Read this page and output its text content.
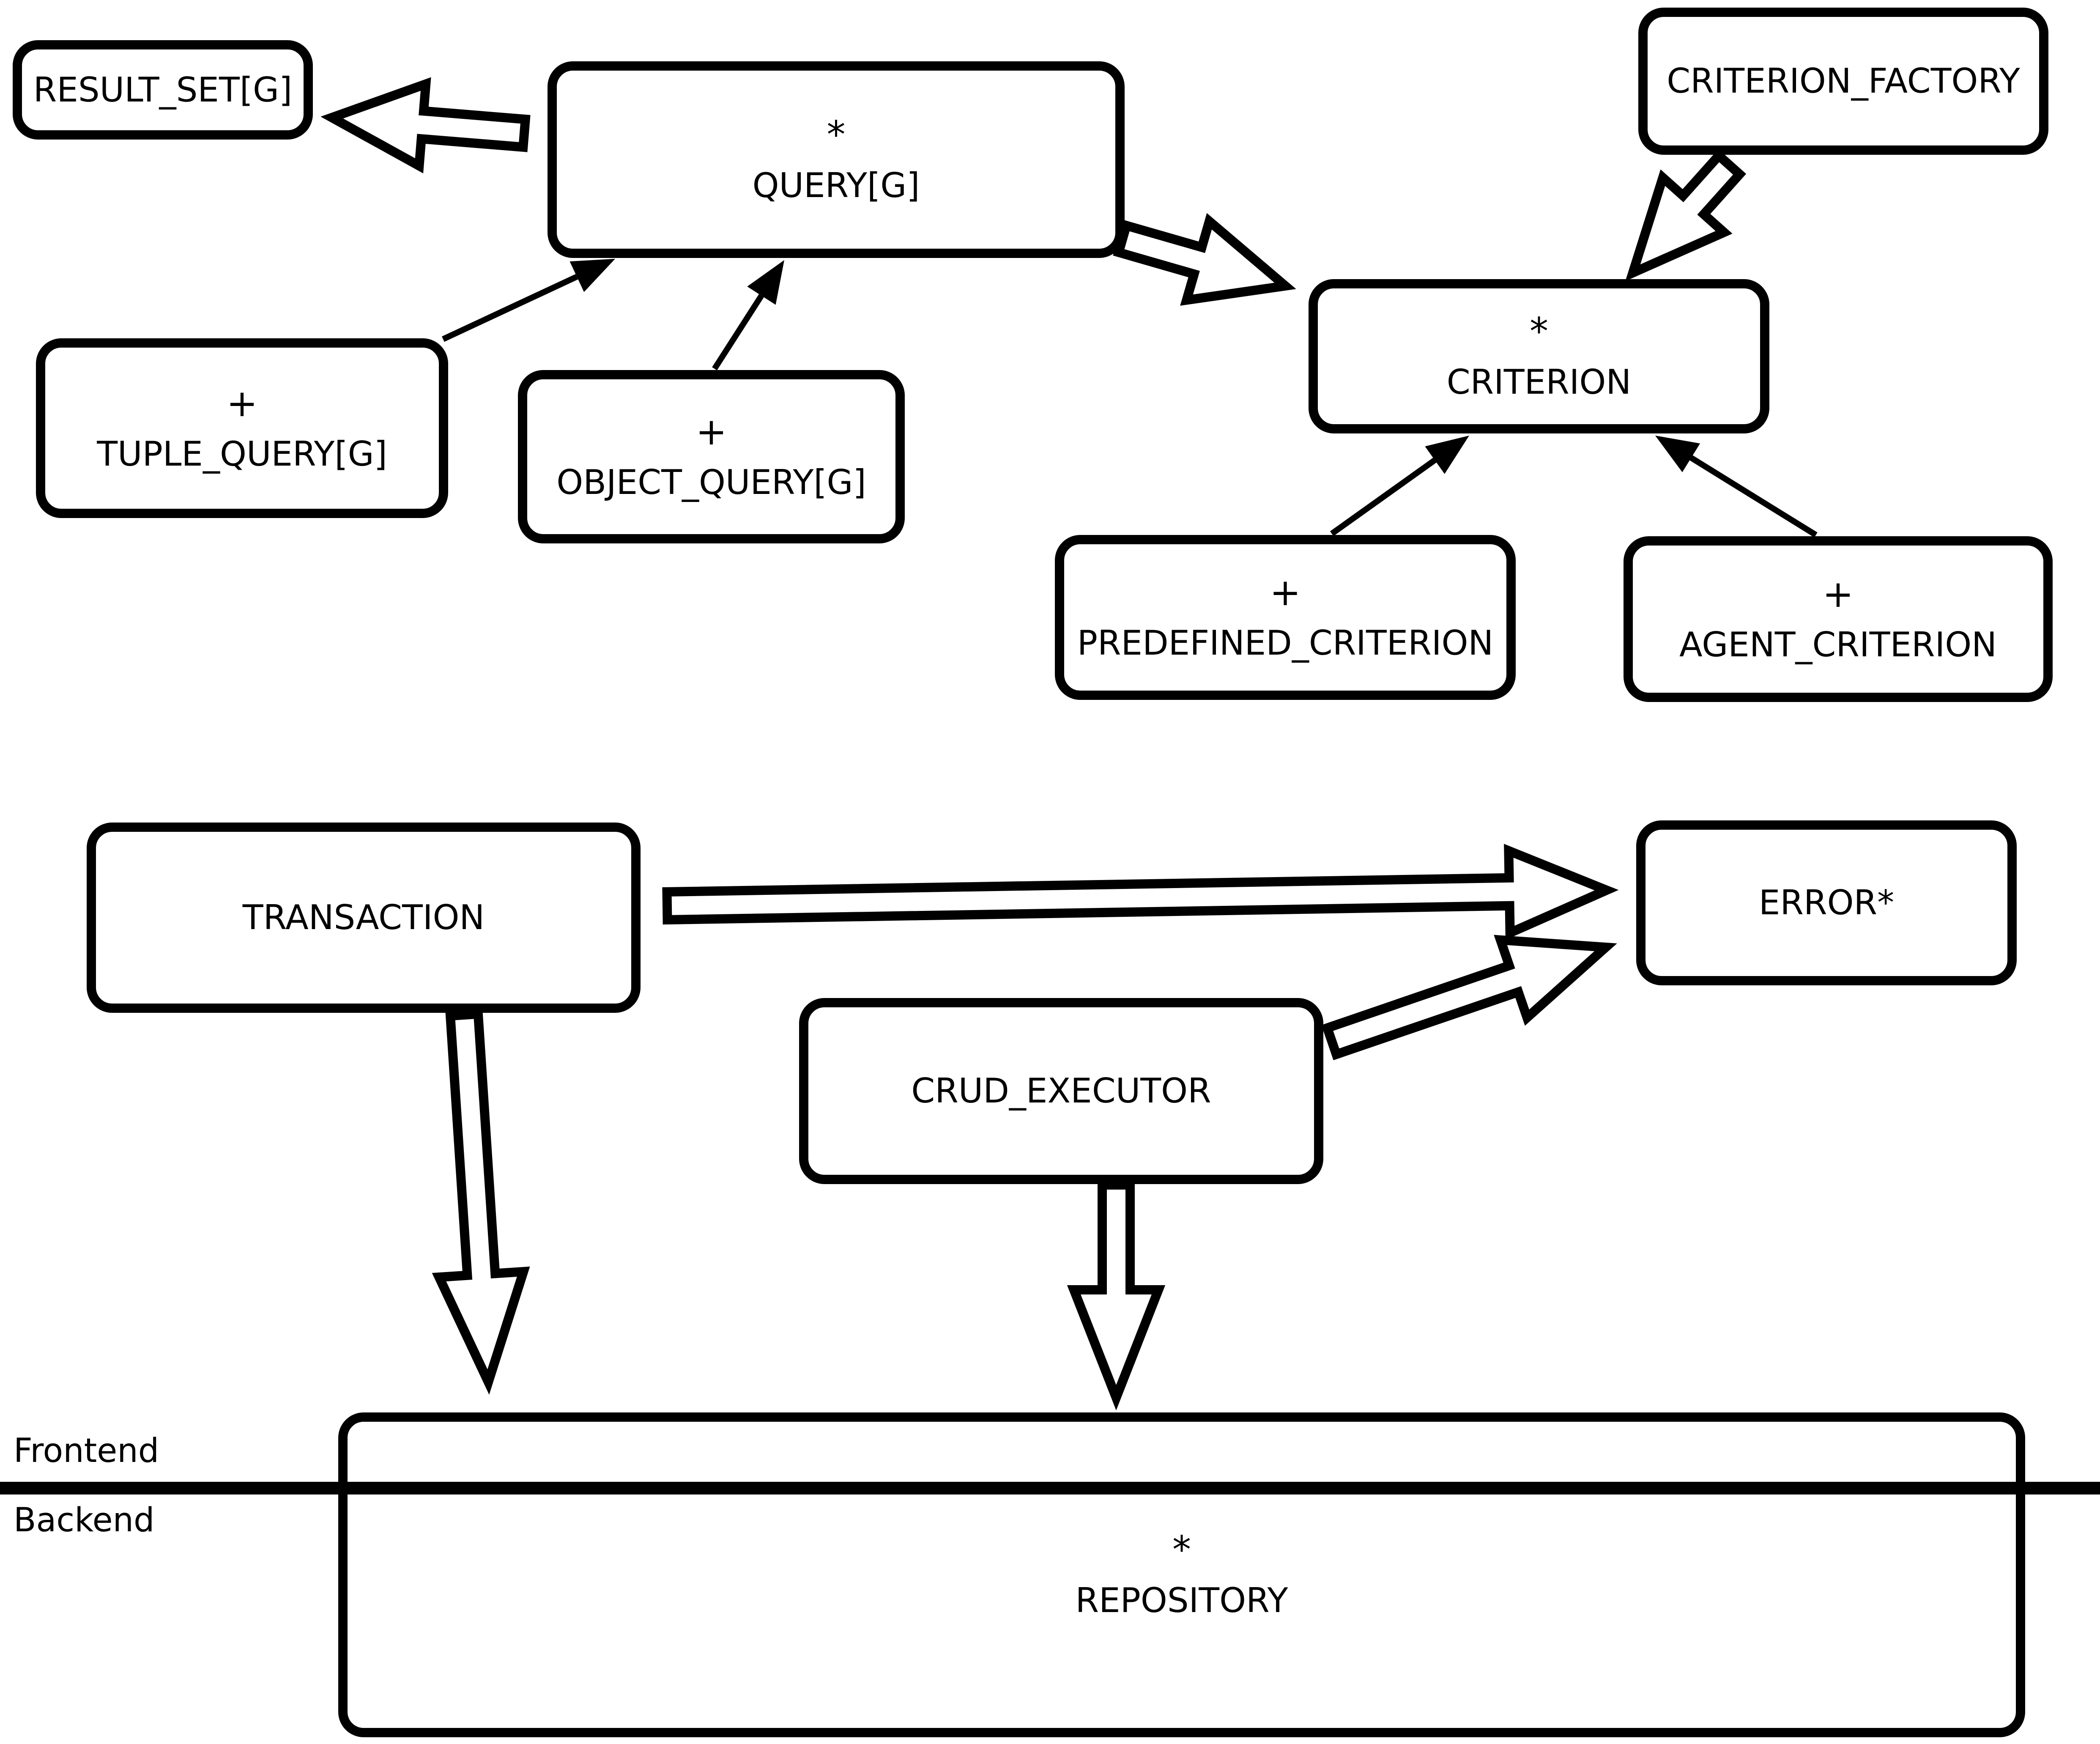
RESULT_SET[G]
*
QUERY[G]
CRITERION_FACTORY
+
TUPLE_QUERY[G]
+
OBJECT_QUERY[G]
*
CRITERION
+
PREDEFINED_CRITERION
+
AGENT_CRITERION
TRANSACTION	ERROR*
CRUD_EXECUTOR
*
REPOSITORY
Frontend
Backend
